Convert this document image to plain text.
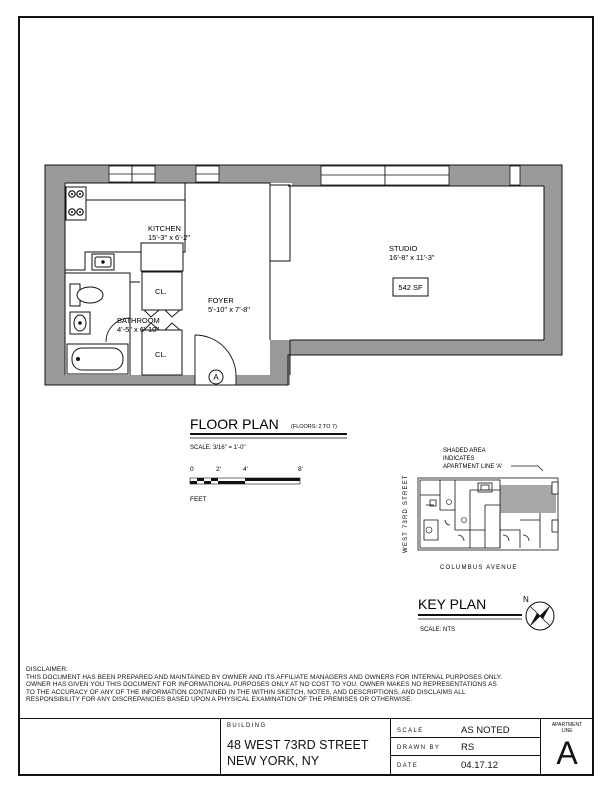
A
542 SF
KITCHEN
15'-3" x 6'-2"
STUDIO
16'-8" x 11'-3"
FOYER
5'-10" x 7'-8"
BATHROOM
4'-5" x 6'-10"
CL.
CL.
FLOOR PLAN (FLOORS: 2 TO 7)
SCALE: 3/16" = 1'-0"
0	2'	4'	8'
FEET
SHADED AREA
INDICATES
APARTMENT LINE 'A'
WEST 73RD STREET
COLUMBUS AVENUE
KEY PLAN
SCALE: NTS
N
DISCLAIMER:
THIS DOCUMENT HAS BEEN PREPARED AND MAINTAINED BY OWNER AND ITS AFFILIATE MANAGERS AND OWNERS FOR INTERNAL PURPOSES ONLY.
OWNER HAS GIVEN YOU THIS DOCUMENT FOR INFORMATIONAL PURPOSES ONLY AT NO COST TO YOU. OWNER MAKES NO REPRESENTATIONS AS
TO THE ACCURACY OF ANY OF THE INFORMATION CONTAINED IN THE WITHIN SKETCH, NOTES, AND DESCRIPTIONS, AND DISCLAIMS ALL
RESPONSIBILITY FOR ANY DISCREPANCIES BASED UPON A PHYSICAL EXAMINATION OF THE PREMISES OR OTHERWISE.
BUILDING
48 WEST 73RD STREET
NEW YORK, NY
SCALE	AS NOTED
DRAWN BY RS
DATE	04.17.12
APARTMENT
LINE
A
